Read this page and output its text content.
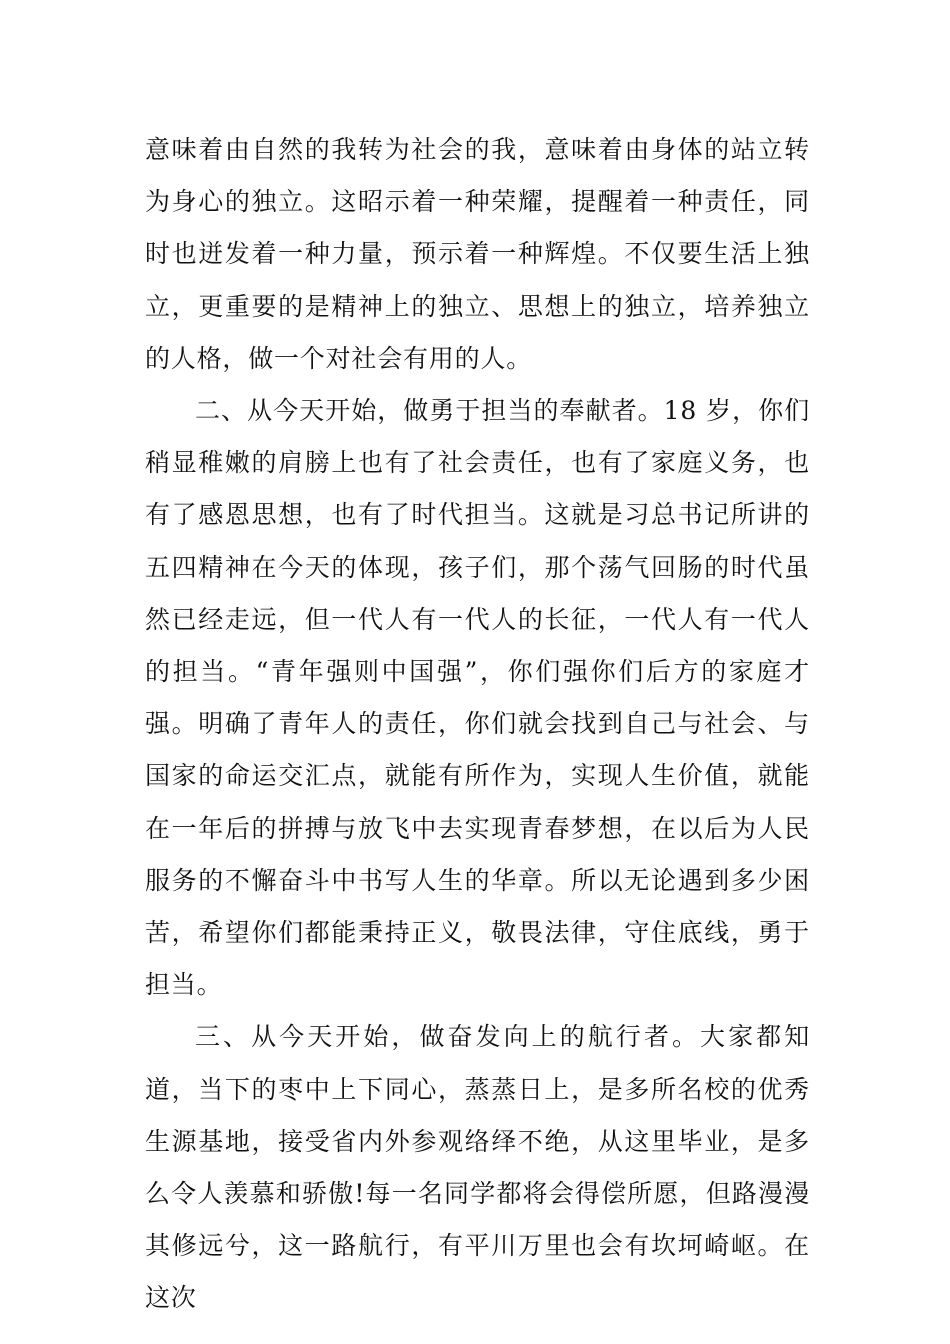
意味着由自然的我转为社会的我，意味着由身体的站立转为身心的独立。这昭示着一种荣耀，提醒着一种责任，同时也迸发着一种力量，预示着一种辉煌。不仅要生活上独立，更重要的是精神上的独立、思想上的独立，培养独立的人格，做一个对社会有用的人。

二、从今天开始，做勇于担当的奉献者。18 岁，你们稍显稚嫩的肩膀上也有了社会责任，也有了家庭义务，也有了感恩思想，也有了时代担当。这就是习总书记所讲的五四精神在今天的体现，孩子们，那个荡气回肠的时代虽然已经走远，但一代人有一代人的长征，一代人有一代人的担当。“青年强则中国强”，你们强你们后方的家庭才强。明确了青年人的责任，你们就会找到自己与社会、与国家的命运交汇点，就能有所作为，实现人生价值，就能在一年后的拼搏与放飞中去实现青春梦想，在以后为人民服务的不懈奋斗中书写人生的华章。所以无论遇到多少困苦，希望你们都能秉持正义，敬畏法律，守住底线，勇于担当。

三、从今天开始，做奋发向上的航行者。大家都知道，当下的枣中上下同心，蒸蒸日上，是多所名校的优秀生源基地，接受省内外参观络绎不绝，从这里毕业，是多么令人羡慕和骄傲!每一名同学都将会得偿所愿，但路漫漫其修远兮，这一路航行，有平川万里也会有坎坷崎岖。在这次
